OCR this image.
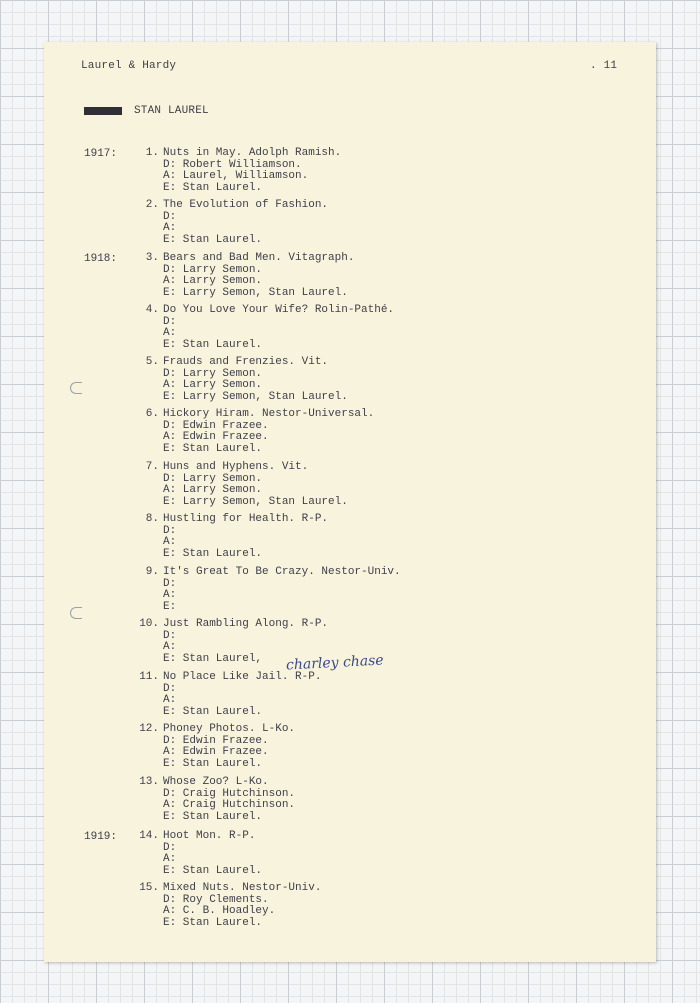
Laurel & Hardy	. 11
STAN LAUREL
1917:
1918:
1919:
1. Nuts in May. Adolph Ramish.
D: Robert Williamson.
A: Laurel, Williamson.
E: Stan Laurel.
2. The Evolution of Fashion.
D:
A:
E: Stan Laurel.
3. Bears and Bad Men. Vitagraph.
D: Larry Semon.
A: Larry Semon.
E: Larry Semon, Stan Laurel.
4. Do You Love Your Wife? Rolin-Pathé.
D:
A:
E: Stan Laurel.
5. Frauds and Frenzies. Vit.
D: Larry Semon.
A: Larry Semon.
E: Larry Semon, Stan Laurel.
6. Hickory Hiram. Nestor-Universal.
D: Edwin Frazee.
A: Edwin Frazee.
E: Stan Laurel.
7. Huns and Hyphens. Vit.
D: Larry Semon.
A: Larry Semon.
E: Larry Semon, Stan Laurel.
8. Hustling for Health. R-P.
D:
A:
E: Stan Laurel.
9. It's Great To Be Crazy. Nestor-Univ.
D:
A:
E:
10. Just Rambling Along. R-P.
D:
A:
E: Stan Laurel,
11. No Place Like Jail. R-P.
D:
A:
E: Stan Laurel.
12. Phoney Photos. L-Ko.
D: Edwin Frazee.
A: Edwin Frazee.
E: Stan Laurel.
13. Whose Zoo? L-Ko.
D: Craig Hutchinson.
A: Craig Hutchinson.
E: Stan Laurel.
14. Hoot Mon. R-P.
D:
A:
E: Stan Laurel.
15. Mixed Nuts. Nestor-Univ.
D: Roy Clements.
A: C. B. Hoadley.
E: Stan Laurel.
charley chase
